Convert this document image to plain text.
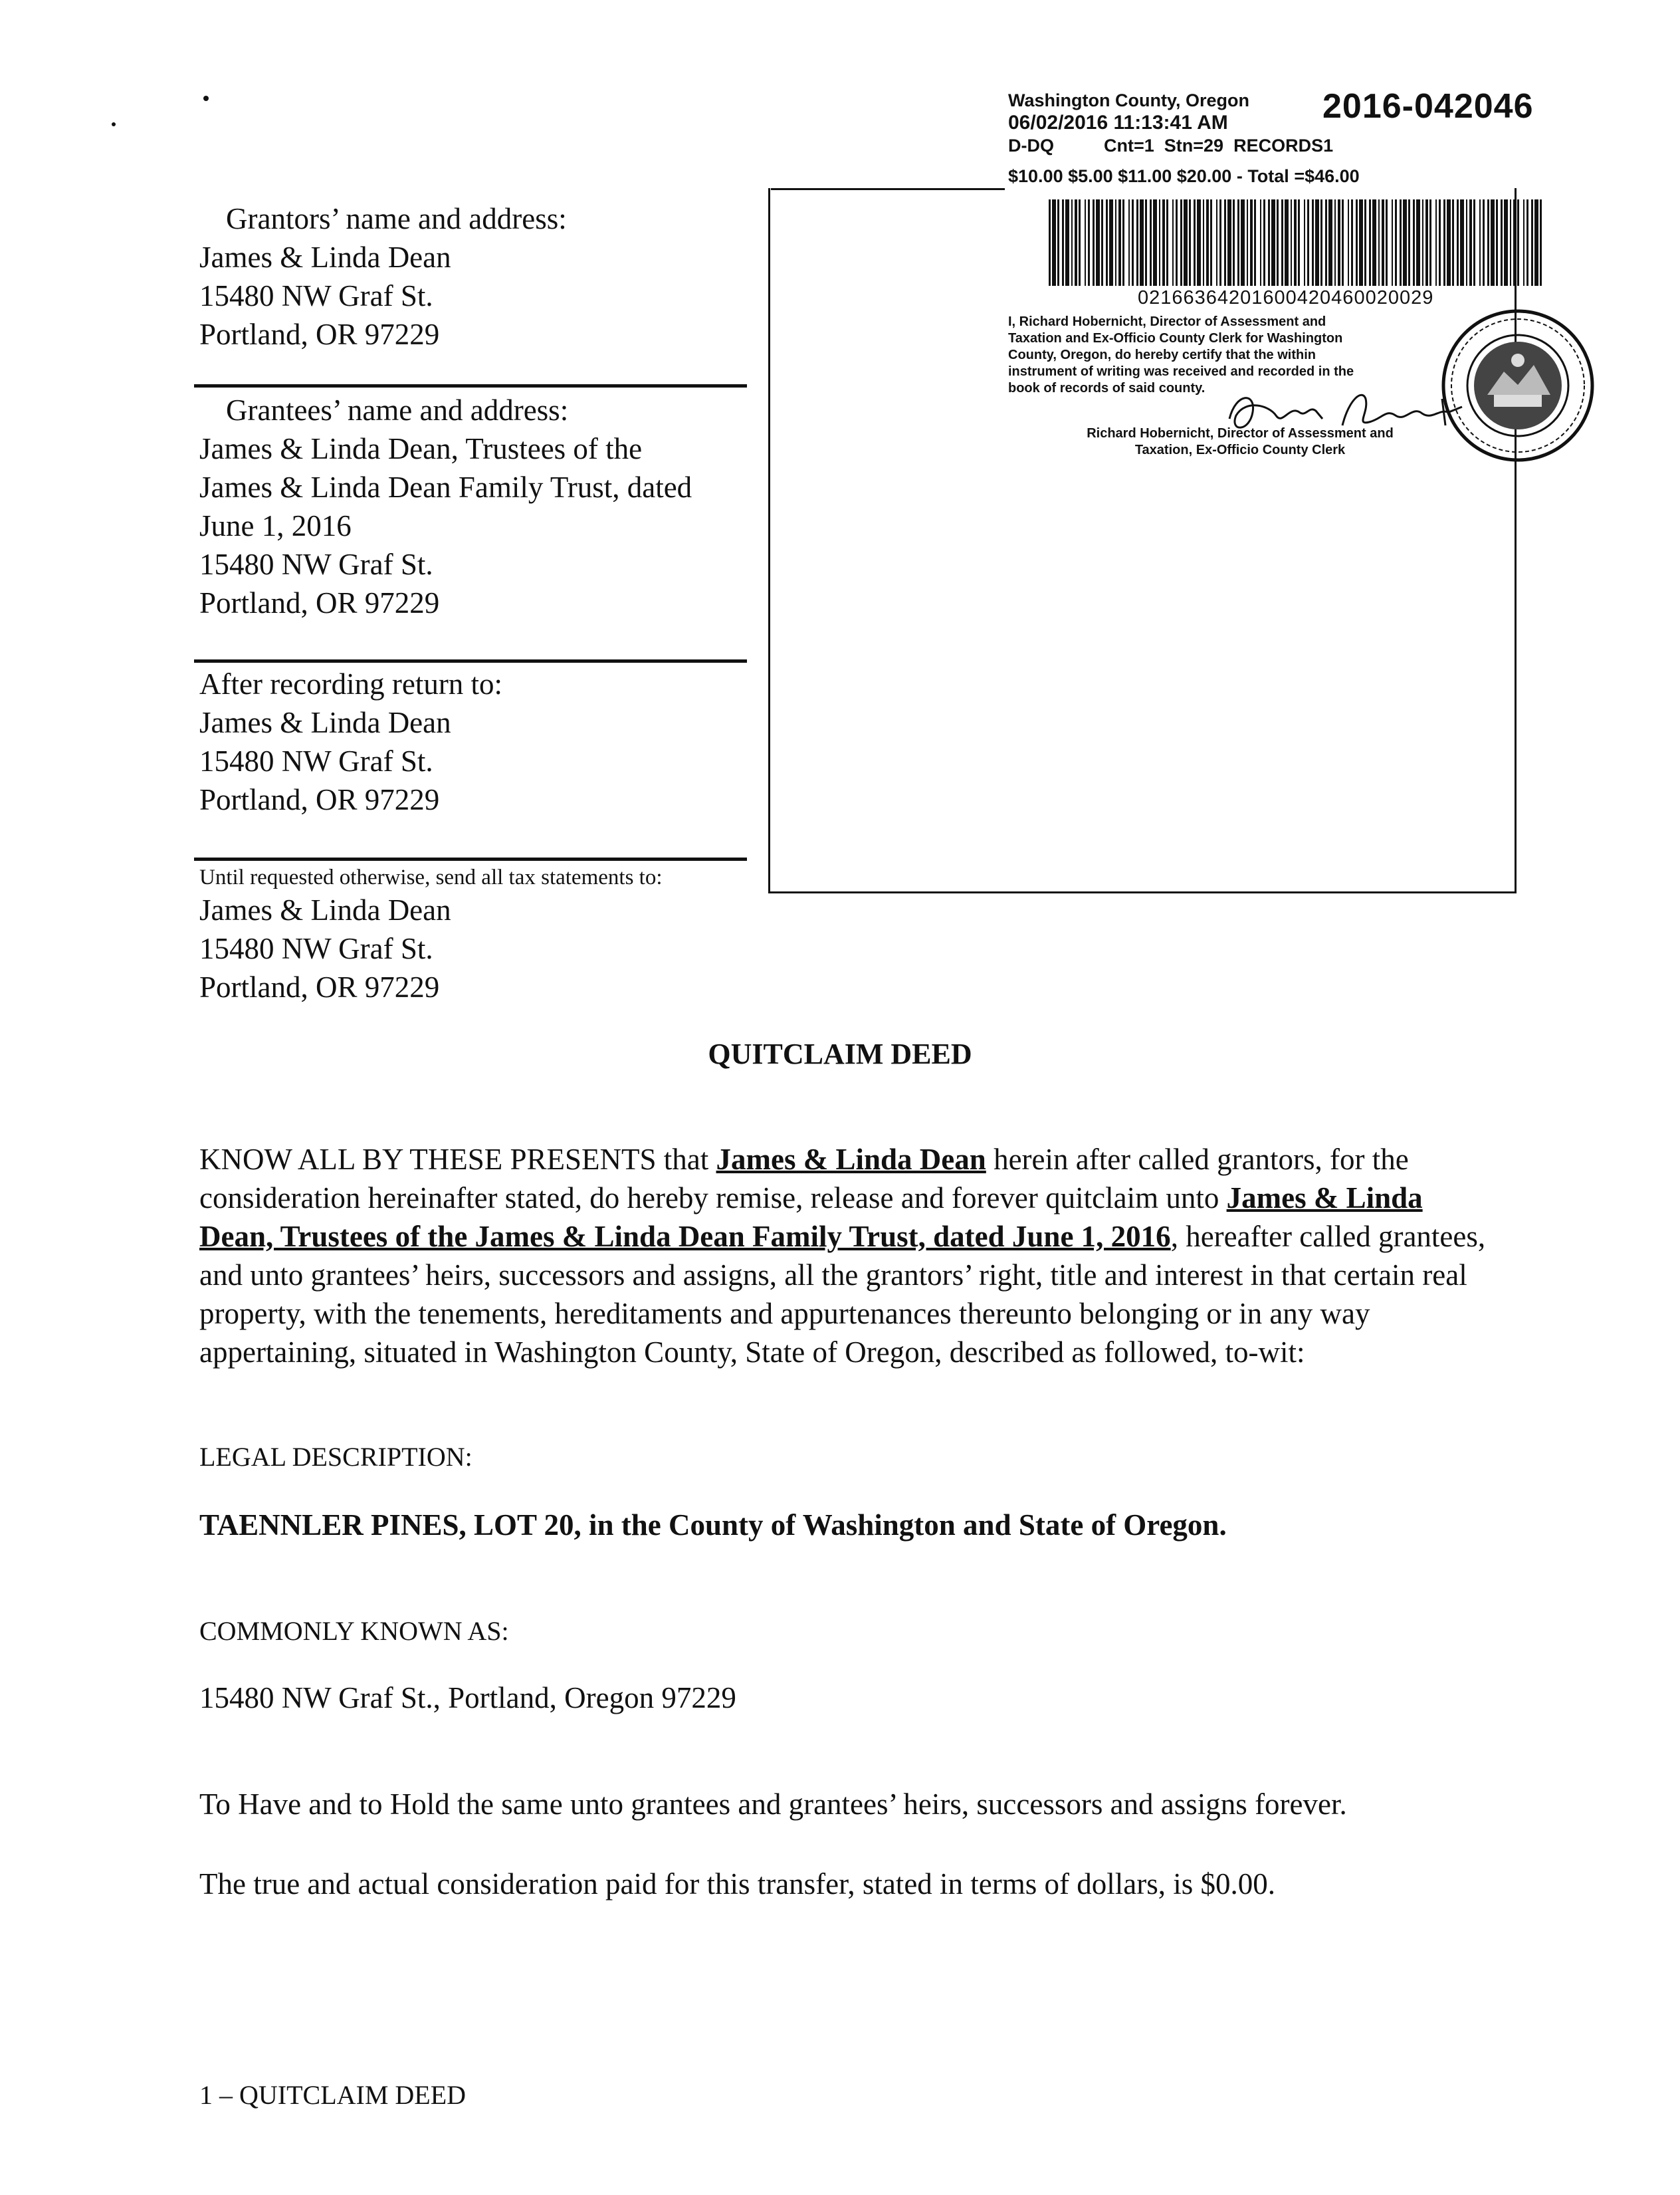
Grantors’ name and address:
James & Linda Dean
15480 NW Graf St.
Portland, OR 97229
Grantees’ name and address:
James & Linda Dean, Trustees of the
James & Linda Dean Family Trust, dated
June 1, 2016
15480 NW Graf St.
Portland, OR 97229
After recording return to:
James & Linda Dean
15480 NW Graf St.
Portland, OR 97229
Until requested otherwise, send all tax statements to:
James & Linda Dean
15480 NW Graf St.
Portland, OR 97229
Washington County, Oregon
06/02/2016 11:13:41 AM
D-DQ          Cnt=1  Stn=29  RECORDS1
2016-042046
$10.00 $5.00 $11.00 $20.00 - Total =$46.00
02166364201600420460020029
I, Richard Hobernicht, Director of Assessment and
Taxation and Ex-Officio County Clerk for Washington
County, Oregon, do hereby certify that the within
instrument of writing was received and recorded in the
book of records of said county.
Richard Hobernicht, Director of Assessment and
Taxation, Ex-Officio County Clerk
QUITCLAIM DEED
KNOW ALL BY THESE PRESENTS that James & Linda Dean herein after called grantors, for the consideration hereinafter stated, do hereby remise, release and forever quitclaim unto James & Linda Dean, Trustees of the James & Linda Dean Family Trust, dated June 1, 2016, hereafter called grantees, and unto grantees’ heirs, successors and assigns, all the grantors’ right, title and interest in that certain real property, with the tenements, hereditaments and appurtenances thereunto belonging or in any way appertaining, situated in Washington County, State of Oregon, described as followed, to-wit:
LEGAL DESCRIPTION:
TAENNLER PINES, LOT 20, in the County of Washington and State of Oregon.
COMMONLY KNOWN AS:
15480 NW Graf St., Portland, Oregon 97229
To Have and to Hold the same unto grantees and grantees’ heirs, successors and assigns forever.
The true and actual consideration paid for this transfer, stated in terms of dollars, is $0.00.
1 – QUITCLAIM DEED
